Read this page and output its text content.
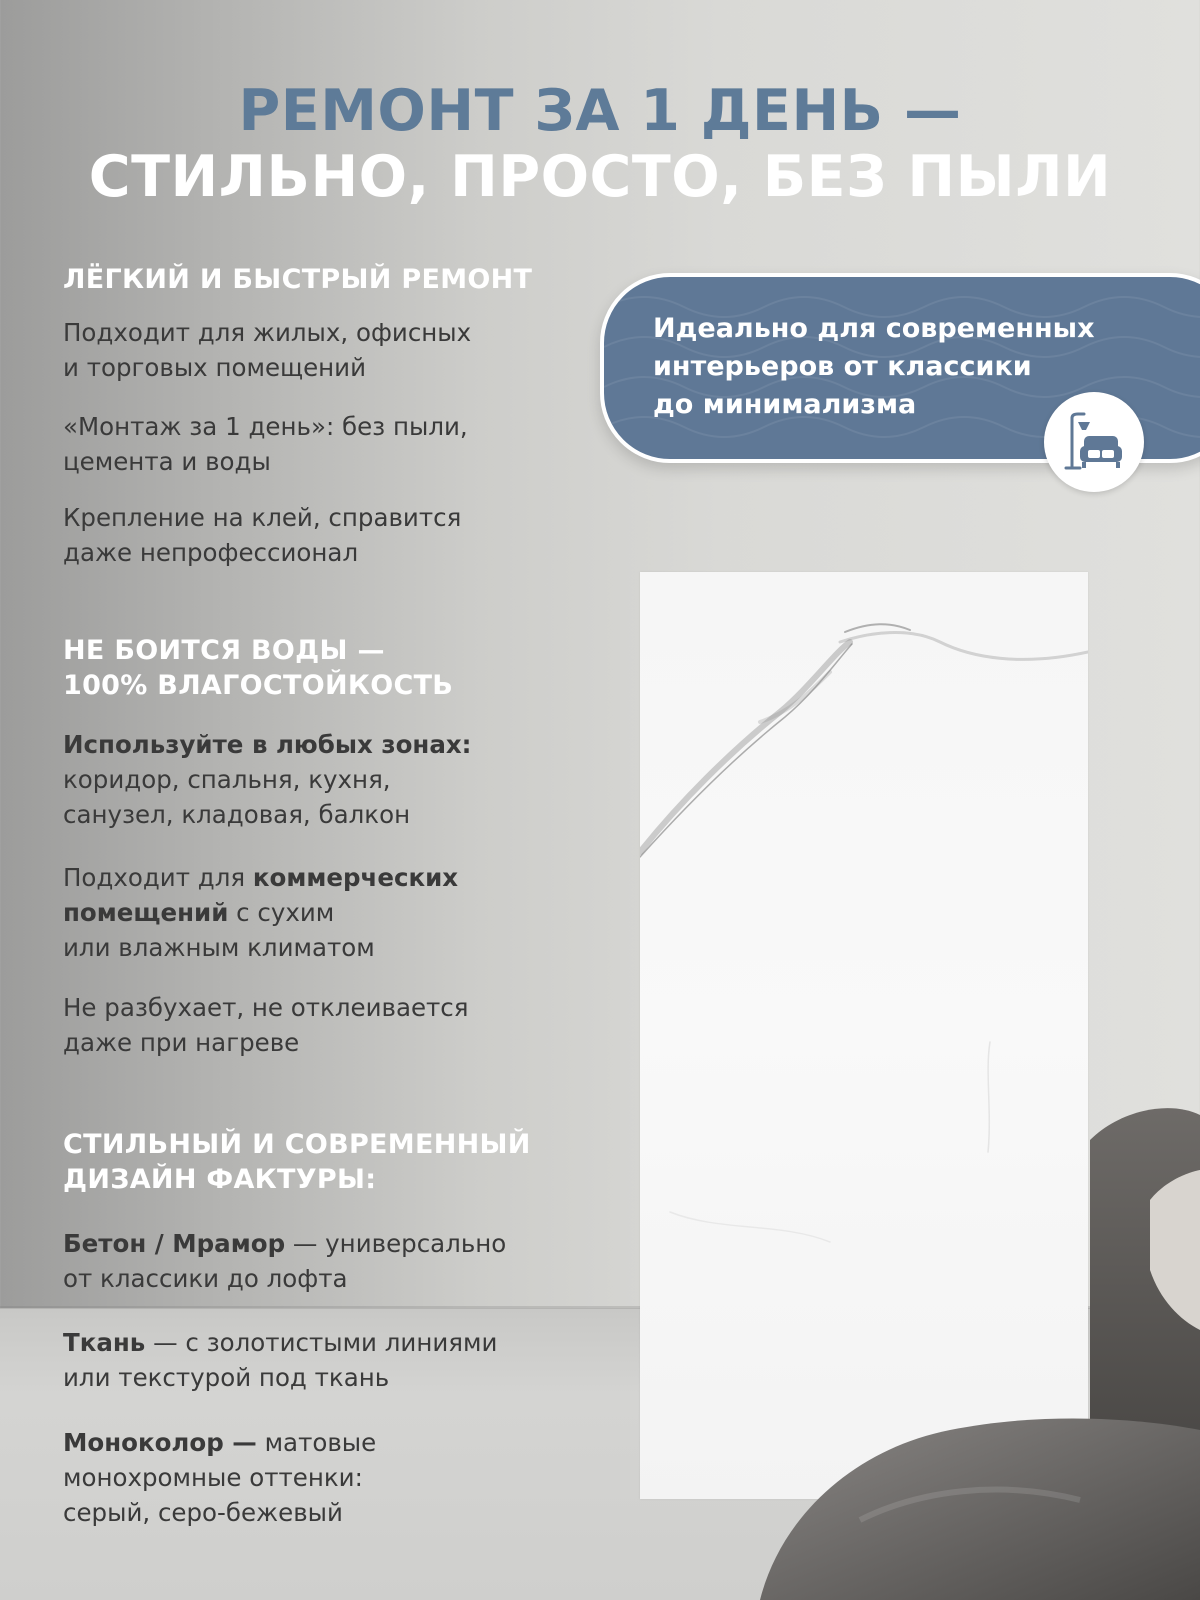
РЕМОНТ ЗА 1 ДЕНЬ —
СТИЛЬНО, ПРОСТО, БЕЗ ПЫЛИ
ЛЁГКИЙ И БЫСТРЫЙ РЕМОНТ
Подходит для жилых, офисных
и торговых помещений
«Монтаж за 1 день»: без пыли,
цемента и воды
Крепление на клей, справится
даже непрофессионал
НЕ БОИТСЯ ВОДЫ —
100% ВЛАГОСТОЙКОСТЬ
Используйте в любых зонах:
коридор, спальня, кухня,
санузел, кладовая, балкон
Подходит для коммерческих
помещений с сухим
или влажным климатом
Не разбухает, не отклеивается
даже при нагреве
СТИЛЬНЫЙ И СОВРЕМЕННЫЙ
ДИЗАЙН ФАКТУРЫ:
Бетон / Мрамор — универсально
от классики до лофта
Ткань — с золотистыми линиями
или текстурой под ткань
Моноколор — матовые
монохромные оттенки:
серый, серо-бежевый
Идеально для современных
интерьеров от классики
до минимализма
